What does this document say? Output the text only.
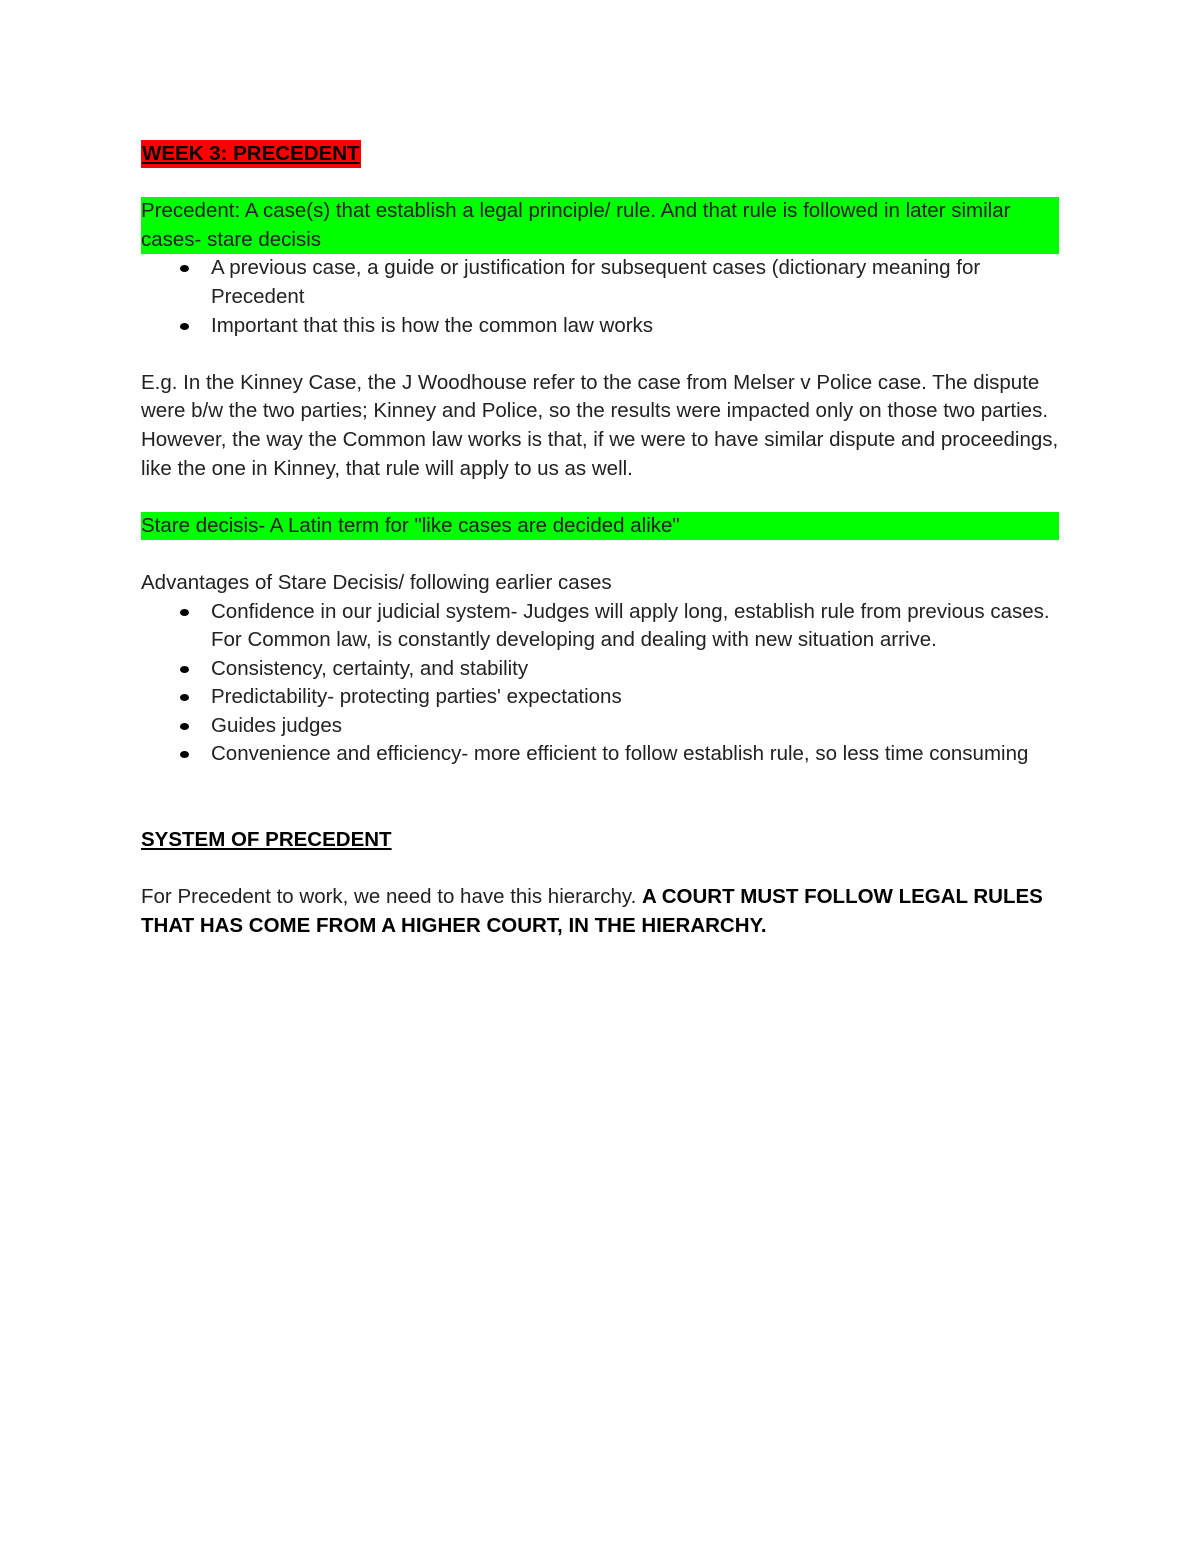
WEEK 3: PRECEDENT
Precedent: A case(s) that establish a legal principle/ rule. And that rule is followed in later similar cases- stare decisis
A previous case, a guide or justification for subsequent cases (dictionary meaning for Precedent
Important that this is how the common law works

E.g. In the Kinney Case, the J Woodhouse refer to the case from Melser v Police case. The dispute were b/w the two parties; Kinney and Police, so the results were impacted only on those two parties. However, the way the Common law works is that, if we were to have similar dispute and proceedings, like the one in Kinney, that rule will apply to us as well.

Stare decisis- A Latin term for "like cases are decided alike"

Advantages of Stare Decisis/ following earlier cases

Confidence in our judicial system- Judges will apply long, establish rule from previous cases. For Common law, is constantly developing and dealing with new situation arrive.
Consistency, certainty, and stability
Predictability- protecting parties' expectations
Guides judges
Convenience and efficiency- more efficient to follow establish rule, so less time consuming
SYSTEM OF PRECEDENT

For Precedent to work, we need to have this hierarchy. A COURT MUST FOLLOW LEGAL RULES THAT HAS COME FROM A HIGHER COURT, IN THE HIERARCHY.
